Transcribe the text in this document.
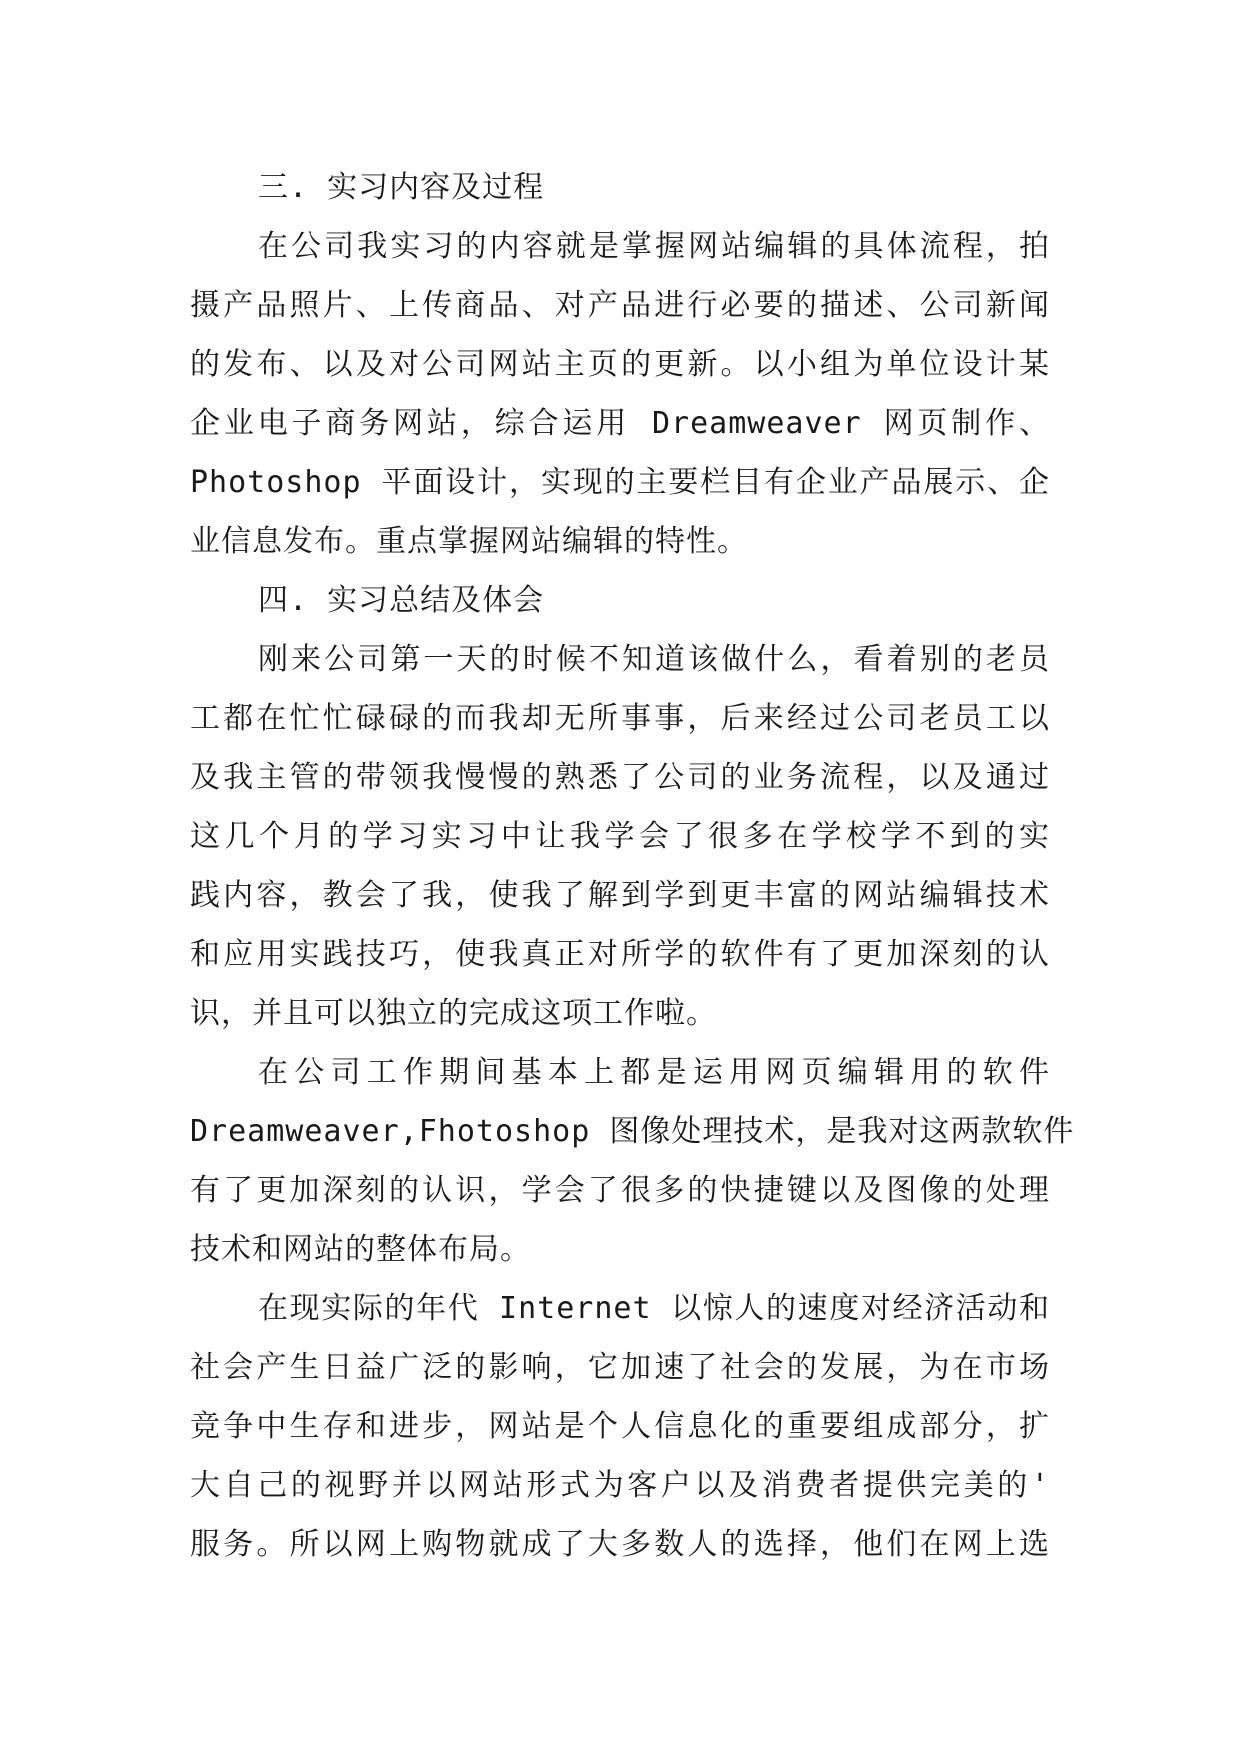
三. 实习内容及过程

在公司我实习的内容就是掌握网站编辑的具体流程，拍
摄产品照片、上传商品、对产品进行必要的描述、公司新闻
的发布、以及对公司网站主页的更新。以小组为单位设计某
企业电子商务网站，综合运用 Dreamweaver 网页制作、
Photoshop 平面设计，实现的主要栏目有企业产品展示、企
业信息发布。重点掌握网站编辑的特性。

四. 实习总结及体会

刚来公司第一天的时候不知道该做什么，看着别的老员
工都在忙忙碌碌的而我却无所事事，后来经过公司老员工以
及我主管的带领我慢慢的熟悉了公司的业务流程，以及通过
这几个月的学习实习中让我学会了很多在学校学不到的实
践内容，教会了我，使我了解到学到更丰富的网站编辑技术
和应用实践技巧，使我真正对所学的软件有了更加深刻的认
识，并且可以独立的完成这项工作啦。

在公司工作期间基本上都是运用网页编辑用的软件
Dreamweaver,Fhotoshop 图像处理技术，是我对这两款软件
有了更加深刻的认识，学会了很多的快捷键以及图像的处理
技术和网站的整体布局。

在现实际的年代 Internet 以惊人的速度对经济活动和
社会产生日益广泛的影响，它加速了社会的发展，为在市场
竞争中生存和进步，网站是个人信息化的重要组成部分，扩
大自己的视野并以网站形式为客户以及消费者提供完美的'
服务。所以网上购物就成了大多数人的选择，他们在网上选
